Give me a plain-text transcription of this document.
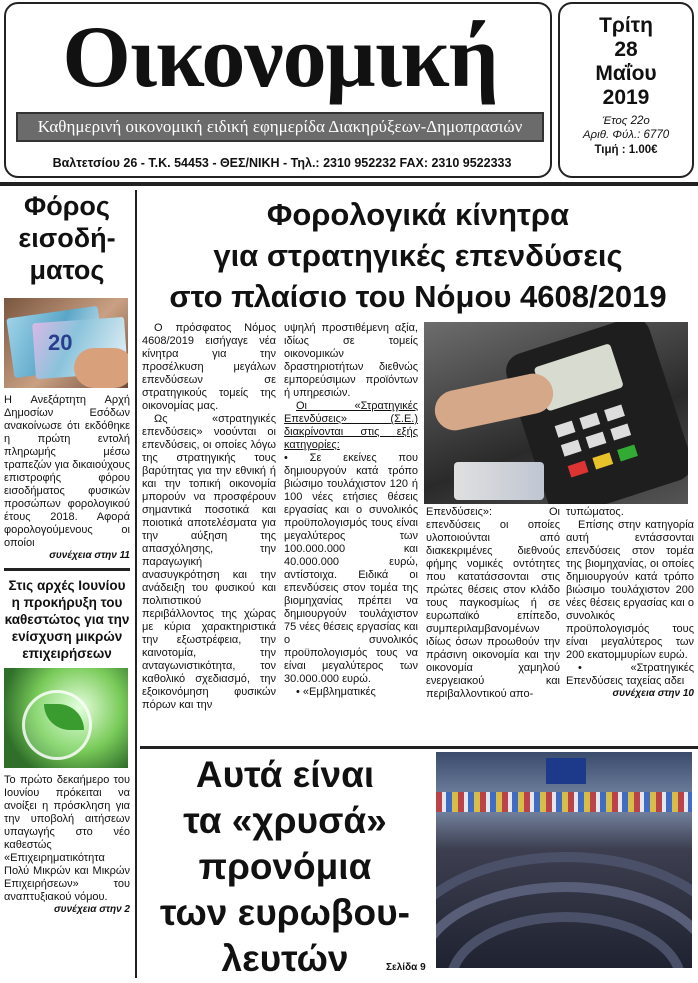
Οικονομική
Καθημερινή οικονομική ειδική εφημερίδα Διακηρύξεων-Δημοπρασιών
Βαλτετσίου 26 - Τ.Κ. 54453 - ΘΕΣ/ΝΙΚΗ - Τηλ.: 2310 952232 FAX: 2310 9522333
Τρίτη
28
Μαΐου
2019
Έτος 22ο
Αριθ. Φύλ.: 6770
Τιμή : 1.00€
Φόρος εισοδή- ματος
20
Η Ανεξάρτητη Αρχή Δημοσίων Εσόδων ανακοίνωσε ότι εκδόθηκε η πρώτη εντολή πληρωμής μέσω τραπεζών για δικαιούχους επιστροφής φόρου εισοδήματος φυσικών προσώπων φορολογικού έτους 2018. Αφορά φορολογούμενους οι οποίοι
συνέχεια στην 11
Στις αρχές Ιουνίου η προκήρυξη του καθεστώτος για την ενίσχυση μικρών επιχειρήσεων
Το πρώτο δεκαήμερο του Ιουνίου πρόκειται να ανοίξει η πρόσκληση για την υποβολή αιτήσεων υπαγωγής στο νέο καθεστώς «Επιχειρηματικότητα Πολύ Μικρών και Μικρών Επιχειρήσεων» του αναπτυξιακού νόμου.
συνέχεια στην 2
Φορολογικά κίνητρα
για στρατηγικές επενδύσεις
στο πλαίσιο του Νόμου 4608/2019

Ο πρόσφατος Νόμος 4608/2019 εισήγαγε νέα κίνητρα για την προσέλκυση μεγάλων επενδύσεων σε στρατηγικούς τομείς της οικονομίας μας.

Ως «στρατηγικές επενδύσεις» νοούνται οι επενδύσεις, οι οποίες λόγω της στρατηγικής τους βαρύτητας για την εθνική ή και την τοπική οικονομία μπορούν να προσφέρουν σημαντικά ποσοτικά και ποιοτικά αποτελέσματα για την αύξηση της απασχόλησης, την παραγωγική ανασυγκρότηση και την ανάδειξη του φυσικού και πολιτιστικού περιβάλλοντος της χώρας με κύρια χαρακτηριστικά την εξωστρέφεια, την καινοτομία, την ανταγωνιστικότητα, τον καθολικό σχεδιασμό, την εξοικονόμηση φυσικών πόρων και την

υψηλή προστιθέμενη αξία, ιδίως σε τομείς οικονομικών δραστηριοτήτων διεθνώς εμπορεύσιμων προϊόντων ή υπηρεσιών.

Οι «Στρατηγικές Επενδύσεις» (Σ.Ε.) διακρίνονται στις εξής κατηγορίες:

• Σε εκείνες που δημιουργούν κατά τρόπο βιώσιμο τουλάχιστον 120 ή 100 νέες ετήσιες θέσεις εργασίας και ο συνολικός προϋπολογισμός τους είναι μεγαλύτερος των 100.000.000 και 40.000.000 ευρώ, αντίστοιχα. Ειδικά οι επενδύσεις στον τομέα της βιομηχανίας πρέπει να δημιουργούν τουλάχιστον 75 νέες θέσεις εργασίας και ο συνολικός προϋπολογισμός τους να είναι μεγαλύτερος των 30.000.000 ευρώ.

• «Εμβληματικές

Επενδύσεις»: Οι επενδύσεις οι οποίες υλοποιούνται από διακεκριμένες διεθνούς φήμης νομικές οντότητες που κατατάσσονται στις πρώτες θέσεις στον κλάδο τους παγκοσμίως ή σε ευρωπαϊκό επίπεδο, συμπεριλαμβανομένων ιδίως όσων προωθούν την πράσινη οικονομία και την οικονομία χαμηλού ενεργειακού και περιβαλλοντικού απο-

τυπώματος.

Επίσης στην κατηγορία αυτή εντάσσονται επενδύσεις στον τομέα της βιομηχανίας, οι οποίες δημιουργούν κατά τρόπο βιώσιμο τουλάχιστον 200 νέες θέσεις εργασίας και ο συνολικός προϋπολογισμός τους είναι μεγαλύτερος των 200 εκατομμυρίων ευρώ.

• «Στρατηγικές Επενδύσεις ταχείας αδει

συνέχεια στην 10
Αυτά είναι
τα «χρυσά»
προνόμια
των ευρωβου-
λευτών	Σελίδα 9
